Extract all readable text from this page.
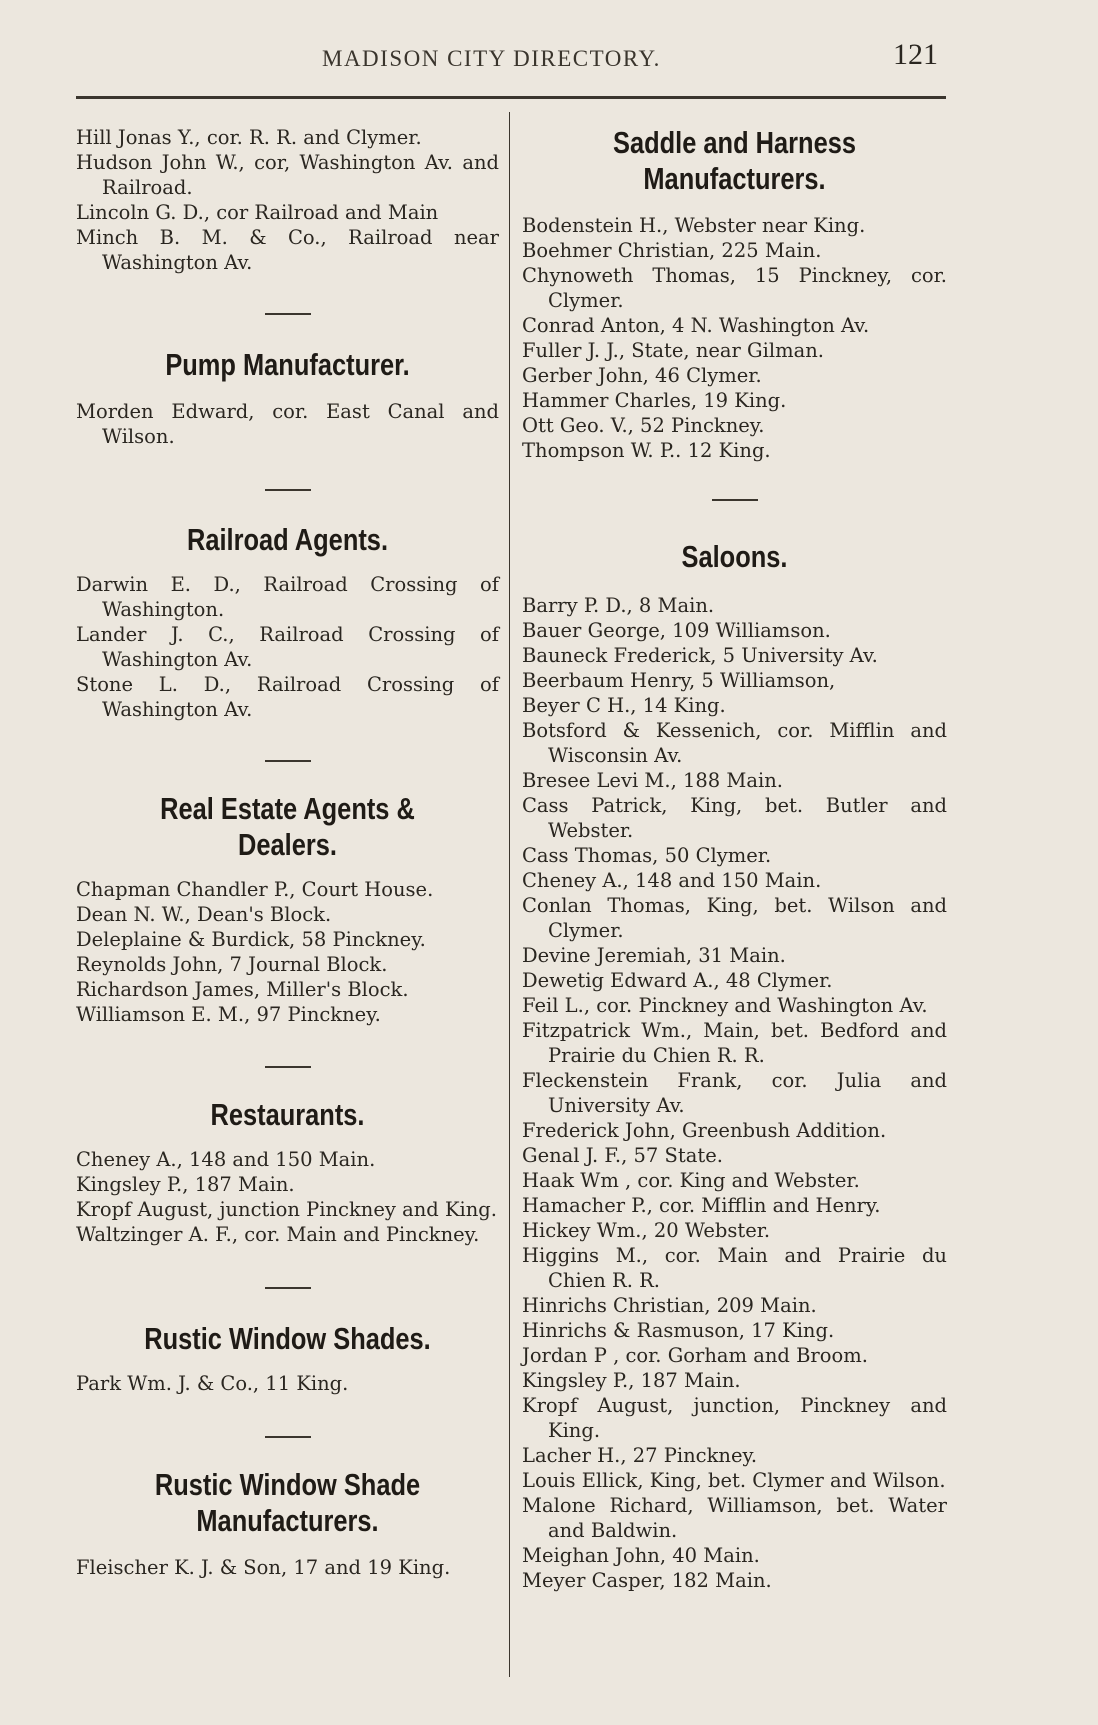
MADISON CITY DIRECTORY.	121

Hill Jonas Y., cor. R. R. and Clymer.

Hudson John W., cor, Washington Av. and Railroad.

Lincoln G. D., cor Railroad and Main

Minch B. M. & Co., Railroad near Washington Av.

Pump Manufacturer.

Morden Edward, cor. East Canal and Wilson.

Railroad Agents.

Darwin E. D., Railroad Crossing of Washington.

Lander J. C., Railroad Crossing of Washington Av.

Stone L. D., Railroad Crossing of Washington Av.

Real Estate Agents & Dealers.

Chapman Chandler P., Court House.

Dean N. W., Dean's Block.

Deleplaine & Burdick, 58 Pinckney.

Reynolds John, 7 Journal Block.

Richardson James, Miller's Block.

Williamson E. M., 97 Pinckney.

Restaurants.

Cheney A., 148 and 150 Main.

Kingsley P., 187 Main.

Kropf August, junction Pinckney and King.

Waltzinger A. F., cor. Main and Pinckney.

Rustic Window Shades.

Park Wm. J. & Co., 11 King.

Rustic Window Shade Manufacturers.

Fleischer K. J. & Son, 17 and 19 King.

Saddle and Harness Manufacturers.

Bodenstein H., Webster near King.

Boehmer Christian, 225 Main.

Chynoweth Thomas, 15 Pinckney, cor. Clymer.

Conrad Anton, 4 N. Washington Av.

Fuller J. J., State, near Gilman.

Gerber John, 46 Clymer.

Hammer Charles, 19 King.

Ott Geo. V., 52 Pinckney.

Thompson W. P.. 12 King.

Saloons.

Barry P. D., 8 Main.

Bauer George, 109 Williamson.

Bauneck Frederick, 5 University Av.

Beerbaum Henry, 5 Williamson,

Beyer C H., 14 King.

Botsford & Kessenich, cor. Mifflin and Wisconsin Av.

Bresee Levi M., 188 Main.

Cass Patrick, King, bet. Butler and Webster.

Cass Thomas, 50 Clymer.

Cheney A., 148 and 150 Main.

Conlan Thomas, King, bet. Wilson and Clymer.

Devine Jeremiah, 31 Main.

Dewetig Edward A., 48 Clymer.

Feil L., cor. Pinckney and Washington Av.

Fitzpatrick Wm., Main, bet. Bedford and Prairie du Chien R. R.

Fleckenstein Frank, cor. Julia and University Av.

Frederick John, Greenbush Addition.

Genal J. F., 57 State.

Haak Wm , cor. King and Webster.

Hamacher P., cor. Mifflin and Henry.

Hickey Wm., 20 Webster.

Higgins M., cor. Main and Prairie du Chien R. R.

Hinrichs Christian, 209 Main.

Hinrichs & Rasmuson, 17 King.

Jordan P , cor. Gorham and Broom.

Kingsley P., 187 Main.

Kropf August, junction, Pinckney and King.

Lacher H., 27 Pinckney.

Louis Ellick, King, bet. Clymer and Wilson.

Malone Richard, Williamson, bet. Water and Baldwin.

Meighan John, 40 Main.

Meyer Casper, 182 Main.
